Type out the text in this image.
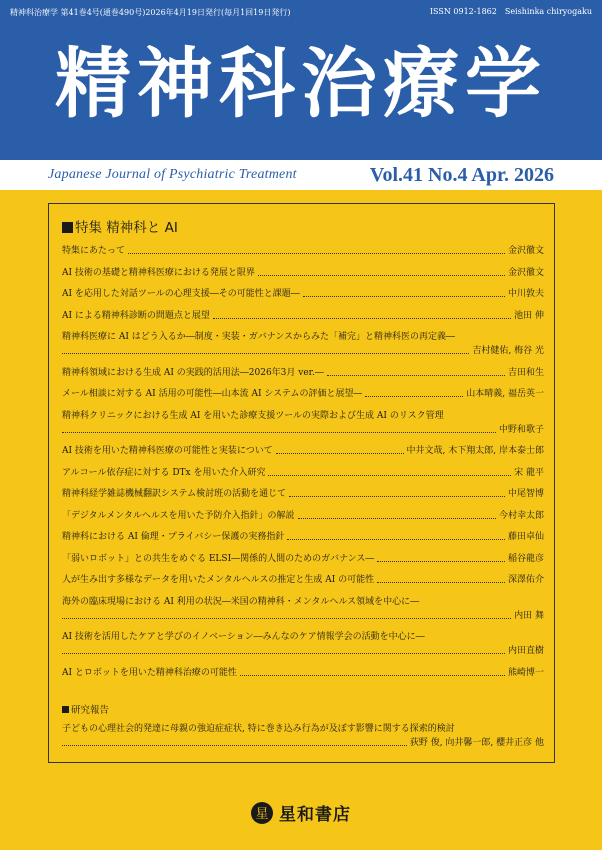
精神科治療学 第41巻4号(通巻490号)2026年4月19日発行(毎月1回19日発行)	ISSN 0912-1862 Seishinka chiryogaku
精神科治療学
Japanese Journal of Psychiatric Treatment	Vol.41 No.4 Apr. 2026
特集 精神科と AI
特集にあたって	金沢徹文
AI 技術の基礎と精神科医療における発展と限界	金沢徹文
AI を応用した対話ツールの心理支援―その可能性と課題―	中川敦夫
AI による精神科診断の問題点と展望	池田 伸
精神科医療に AI はどう入るか―制度・実装・ガバナンスからみた「補完」と精神科医の再定義―
吉村健佑, 梅谷 光
精神科領域における生成 AI の実践的活用法―2026年3月 ver.―	吉田和生
メール相談に対する AI 活用の可能性―山本流 AI システムの評価と展望―	山本晴義, 福岳英一
精神科クリニックにおける生成 AI を用いた診療支援ツールの実際および生成 AI のリスク管理
中野和歌子
AI 技術を用いた精神科医療の可能性と実装について	中井文哉, 木下翔太郎, 岸本泰士郎
アルコール依存症に対する DTx を用いた介入研究	宋 龍平
精神科経学雑誌機械翻訳システム検討班の活動を通じて	中尾智博
「デジタルメンタルヘルスを用いた予防介入指針」の解説	今村幸太郎
精神科における AI 倫理・プライバシー保護の実務指針	藤田卓仙
「弱いロボット」との共生をめぐる ELSI―関係的人間のためのガバナンス―	稲谷龍彦
人が生み出す多様なデータを用いたメンタルヘルスの推定と生成 AI の可能性	深澤佑介
海外の臨床現場における AI 利用の状況―米国の精神科・メンタルヘルス領域を中心に―
内田 舞
AI 技術を活用したケアと学びのイノベーション―みんなのケア情報学会の活動を中心に―
内田直樹
AI とロボットを用いた精神科治療の可能性	熊崎博一
研究報告
子どもの心理社会的発達に母親の強迫症症状, 特に巻き込み行為が及ぼす影響に関する探索的検討
荻野 俊, 向井馨一郎, 櫻井正彦 他
星 星和書店
